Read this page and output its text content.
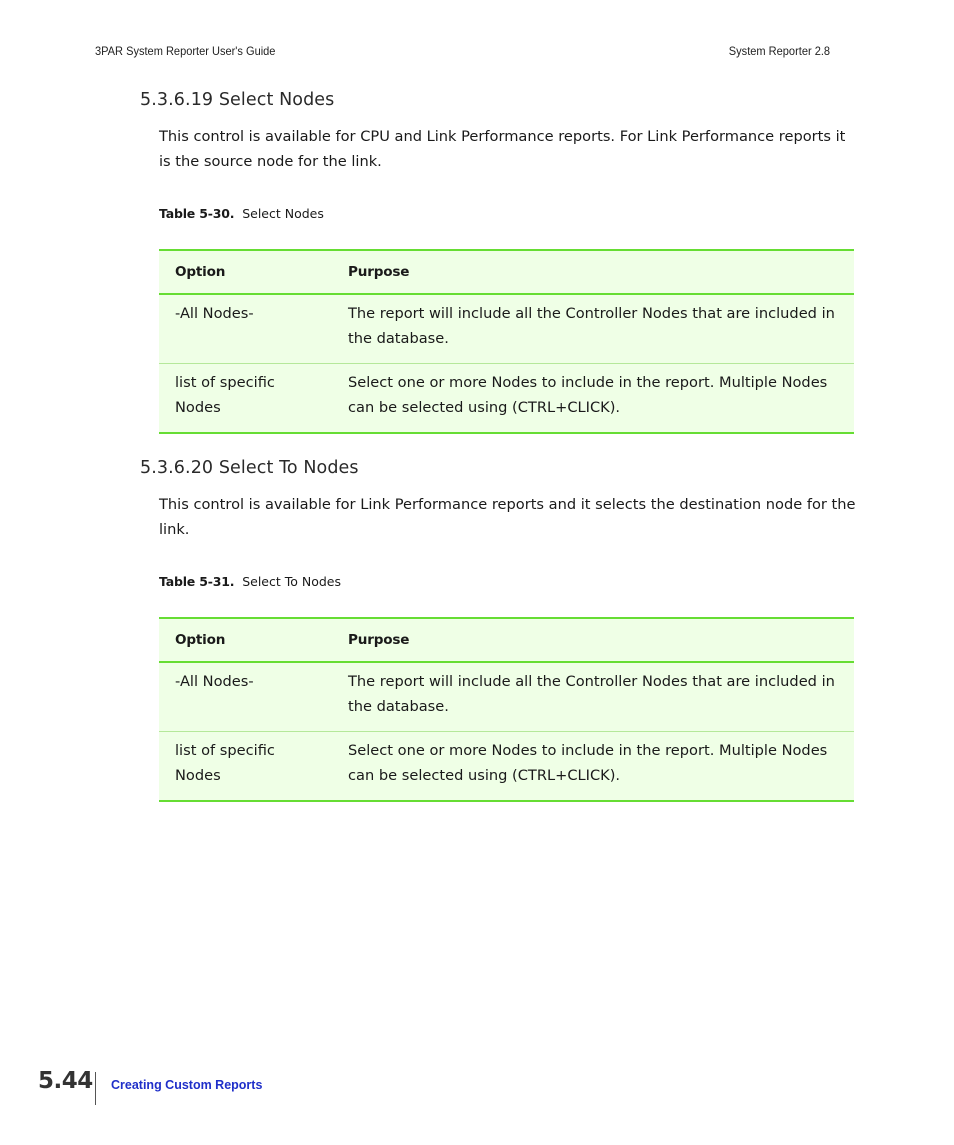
3PAR System Reporter User's Guide	System Reporter 2.8
5.3.6.19 Select Nodes

This control is available for CPU and Link Performance reports. For Link Performance reports it is the source node for the link.

Table 5-30. Select Nodes
Option	Purpose
-All Nodes-	The report will include all the Controller Nodes that are included in the database.
list of specific Nodes	Select one or more Nodes to include in the report. Multiple Nodes can be selected using (CTRL+CLICK).
5.3.6.20 Select To Nodes

This control is available for Link Performance reports and it selects the destination node for the link.

Table 5-31. Select To Nodes
Option	Purpose
-All Nodes-	The report will include all the Controller Nodes that are included in the database.
list of specific Nodes	Select one or more Nodes to include in the report. Multiple Nodes can be selected using (CTRL+CLICK).
5.44 Creating Custom Reports
